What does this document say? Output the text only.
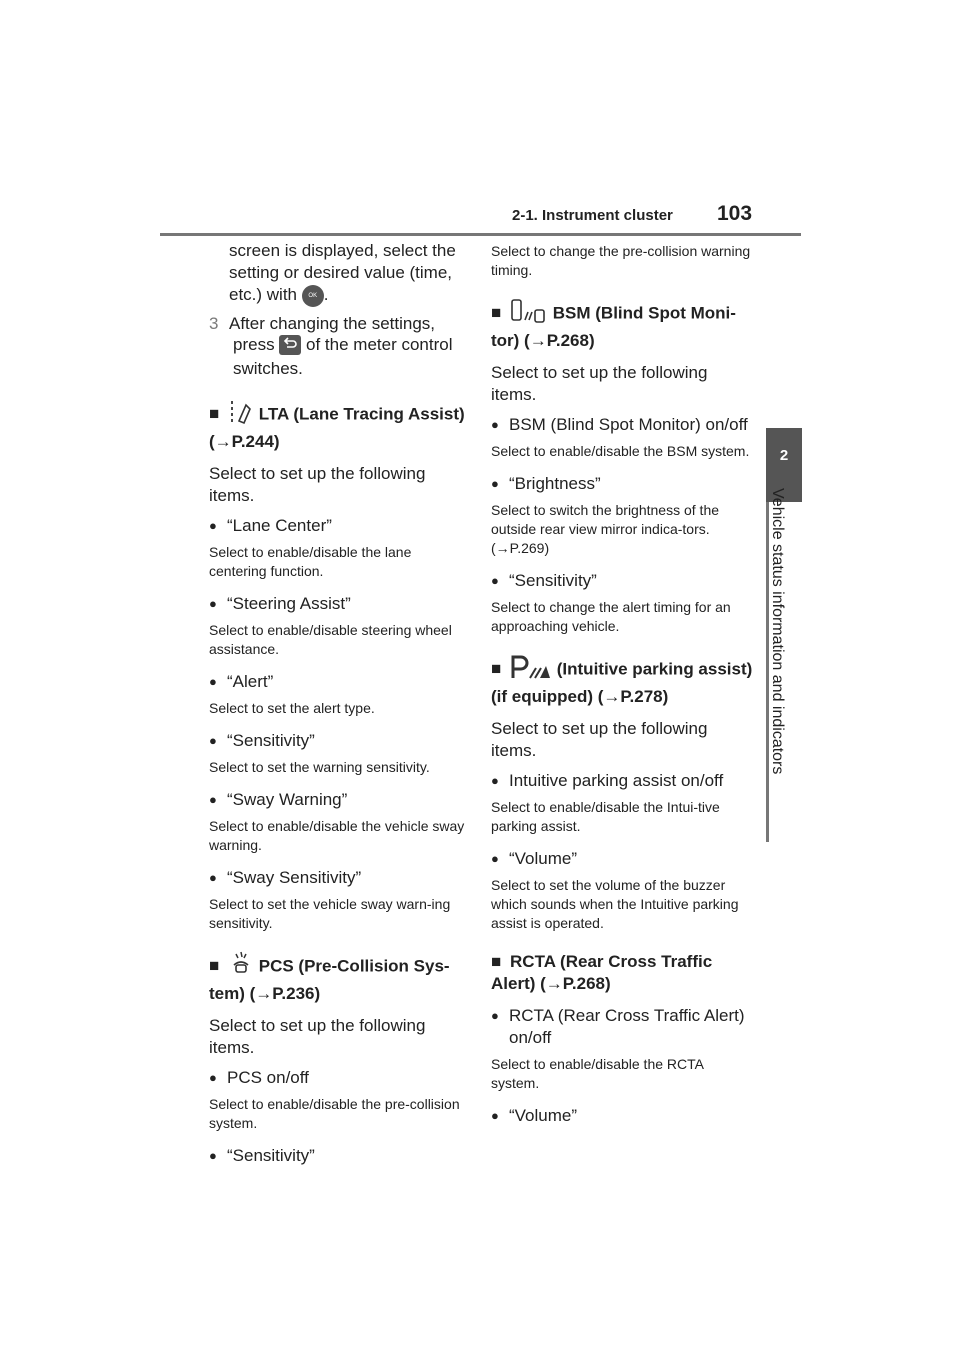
2-1. Instrument cluster 103
2
Vehicle status information and indicators
screen is displayed, select the setting or desired value (time,
etc.) with OK .
3 After changing the settings,
press  of the meter control switches.
■ LTA (Lane Tracing Assist) (→P.244)
Select to set up the following items.
● “Lane Center”
Select to enable/disable the lane centering function.
● “Steering Assist”
Select to enable/disable steering wheel assistance.
● “Alert”
Select to set the alert type.
● “Sensitivity”
Select to set the warning sensitivity.
● “Sway Warning”
Select to enable/disable the vehicle sway warning.
● “Sway Sensitivity”
Select to set the vehicle sway warn-ing sensitivity.
■ PCS (Pre-Collision Sys-tem) (→P.236)
Select to set up the following items.
● PCS on/off
Select to enable/disable the pre-collision system.
● “Sensitivity”
Select to change the pre-collision warning timing.
■	BSM (Blind Spot Moni-tor) (→P.268)
Select to set up the following items.
● BSM (Blind Spot Monitor) on/off
Select to enable/disable the BSM system.
● “Brightness”
Select to switch the brightness of the outside rear view mirror indica-tors. (→P.269)
● “Sensitivity”
Select to change the alert timing for an approaching vehicle.
■	(Intuitive parking assist) (if equipped) (→P.278)
Select to set up the following items.
● Intuitive parking assist on/off
Select to enable/disable the Intui-tive parking assist.
● “Volume”
Select to set the volume of the buzzer which sounds when the Intuitive parking assist is operated.
■ RCTA (Rear Cross Traffic Alert) (→P.268)
● RCTA (Rear Cross Traffic Alert) on/off
Select to enable/disable the RCTA system.
● “Volume”
